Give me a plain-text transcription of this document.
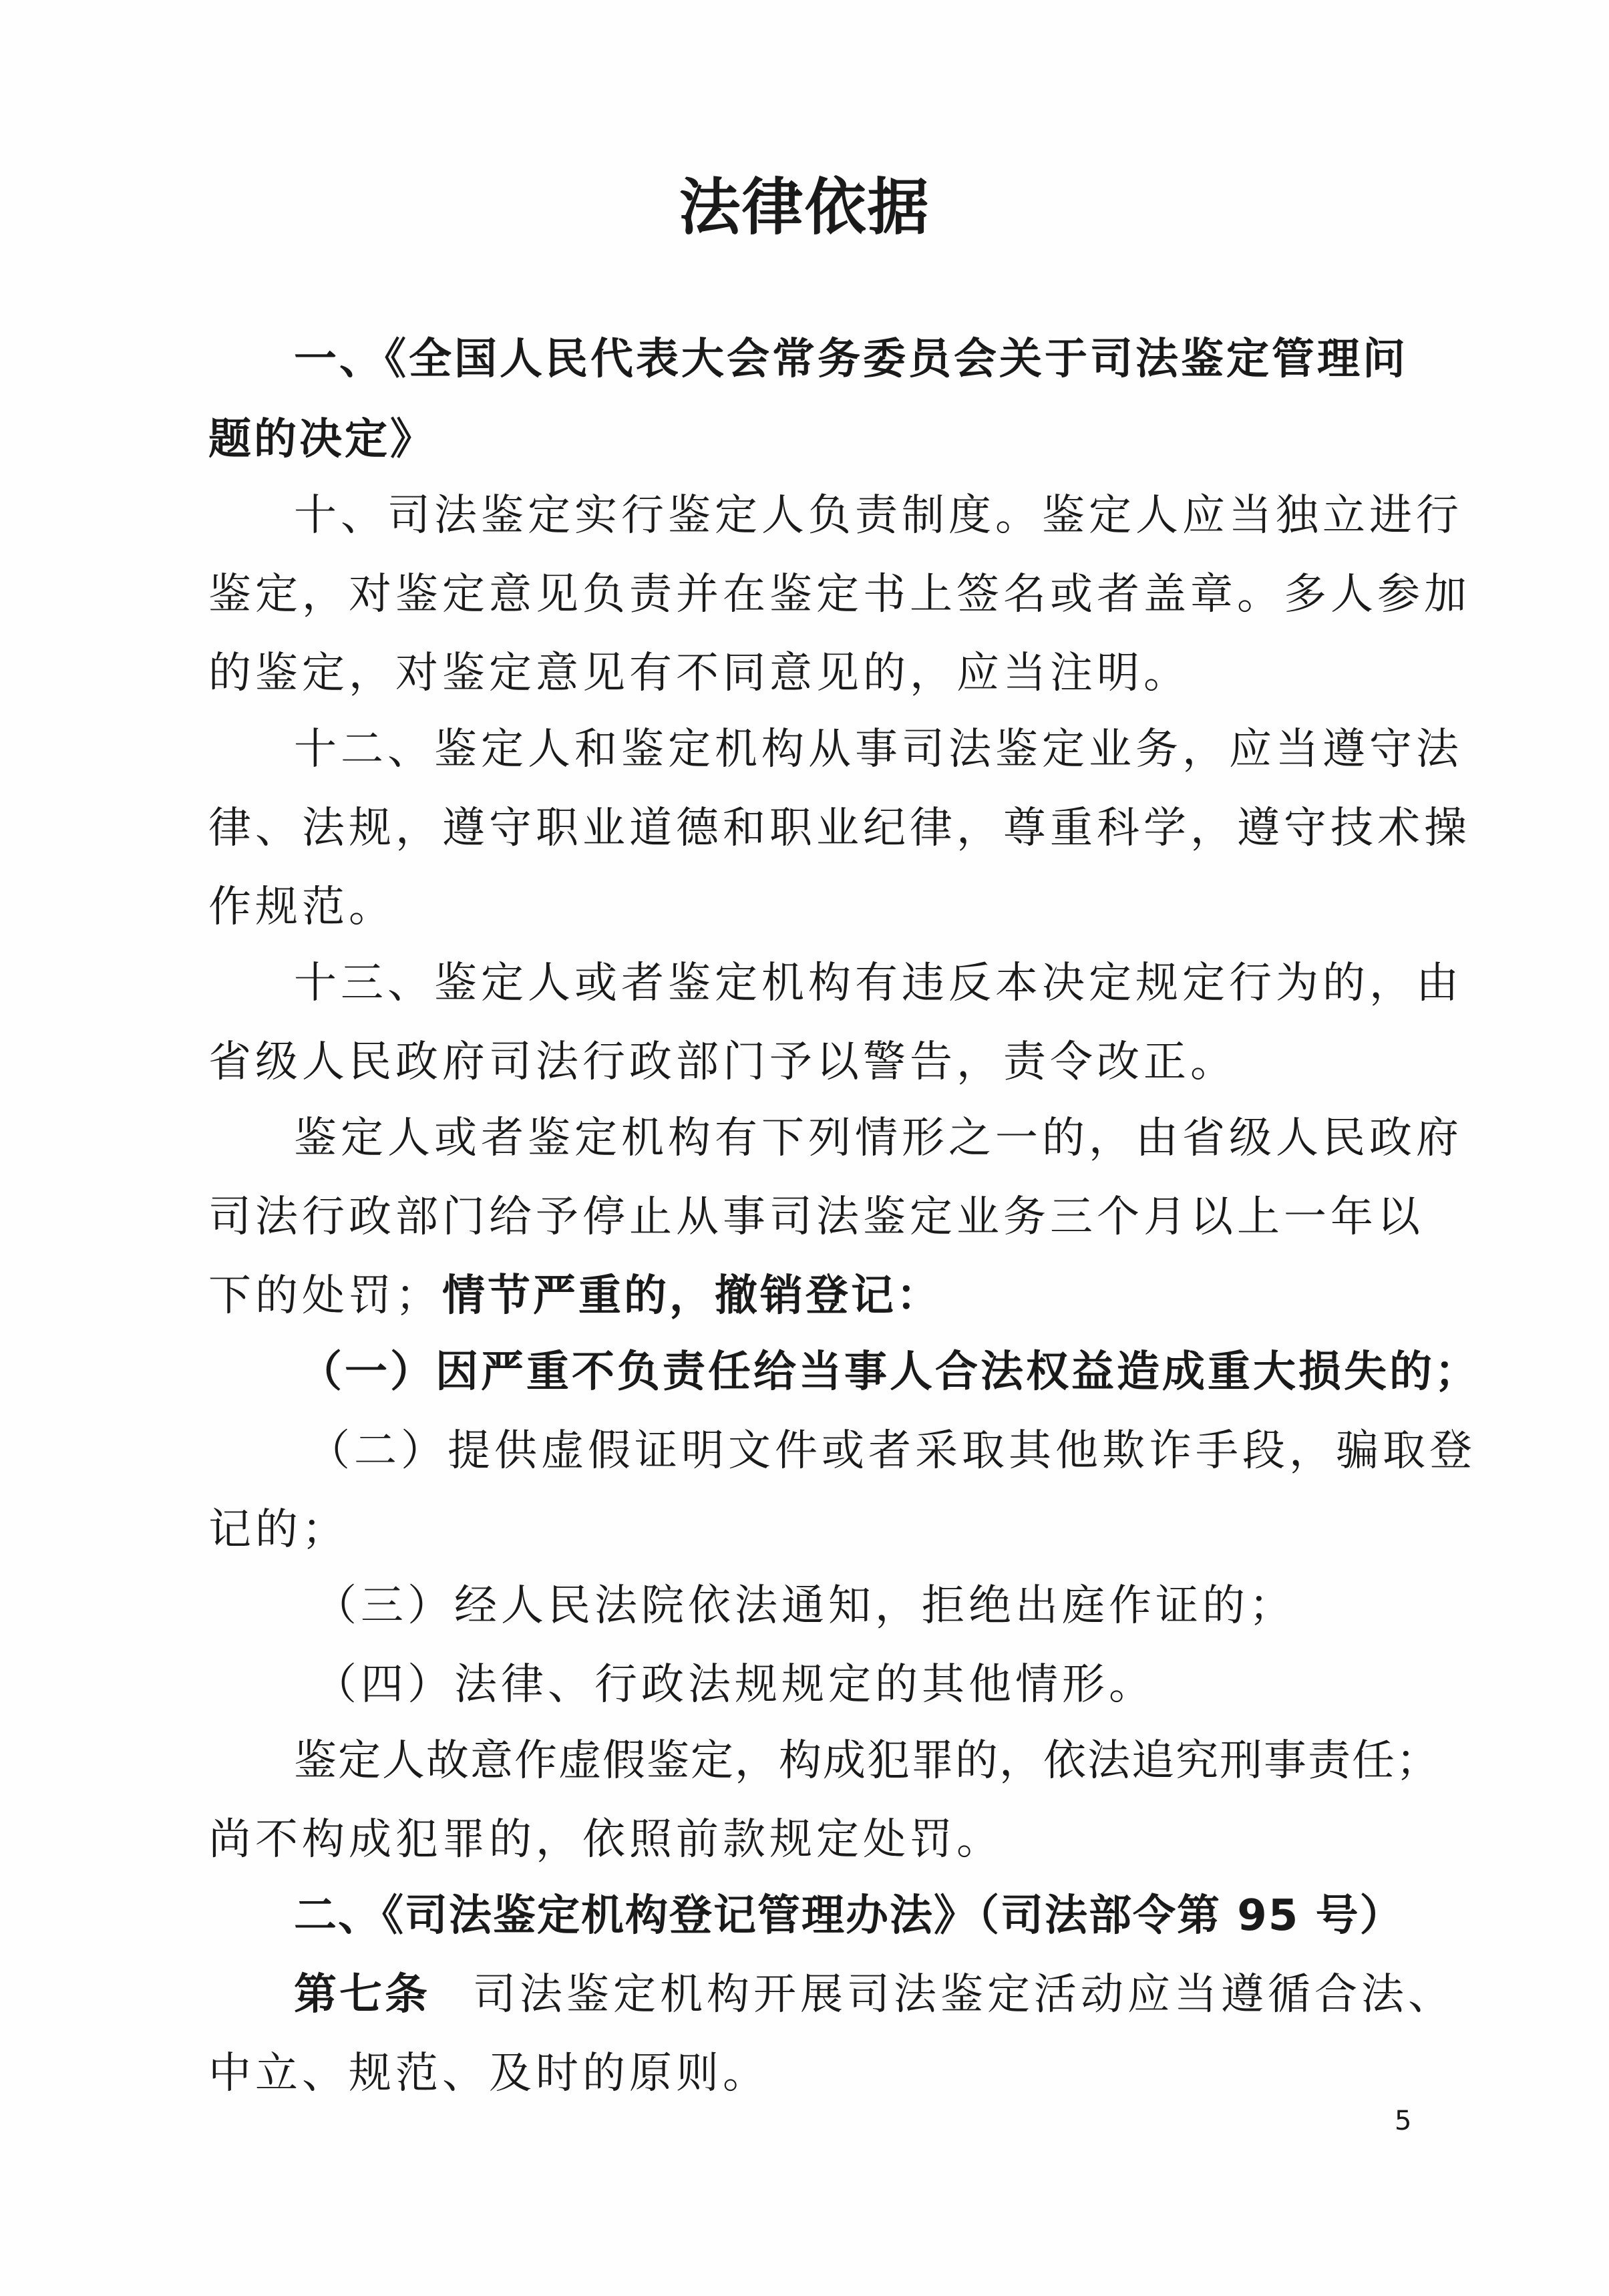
法律依据
一、《全国人民代表大会常务委员会关于司法鉴定管理问
题的决定》
十、司法鉴定实行鉴定人负责制度。鉴定人应当独立进行
鉴定，对鉴定意见负责并在鉴定书上签名或者盖章。多人参加
的鉴定，对鉴定意见有不同意见的，应当注明。
十二、鉴定人和鉴定机构从事司法鉴定业务，应当遵守法
律、法规，遵守职业道德和职业纪律，尊重科学，遵守技术操
作规范。
十三、鉴定人或者鉴定机构有违反本决定规定行为的，由
省级人民政府司法行政部门予以警告，责令改正。
鉴定人或者鉴定机构有下列情形之一的，由省级人民政府
司法行政部门给予停止从事司法鉴定业务三个月以上一年以
下的处罚；情节严重的，撤销登记：
（一）因严重不负责任给当事人合法权益造成重大损失的；
（二）提供虚假证明文件或者采取其他欺诈手段，骗取登
记的；
（三）经人民法院依法通知，拒绝出庭作证的；
（四）法律、行政法规规定的其他情形。
鉴定人故意作虚假鉴定，构成犯罪的，依法追究刑事责任；
尚不构成犯罪的，依照前款规定处罚。
二、《司法鉴定机构登记管理办法》（司法部令第 95 号）
第七条 司法鉴定机构开展司法鉴定活动应当遵循合法、
中立、规范、及时的原则。
5
